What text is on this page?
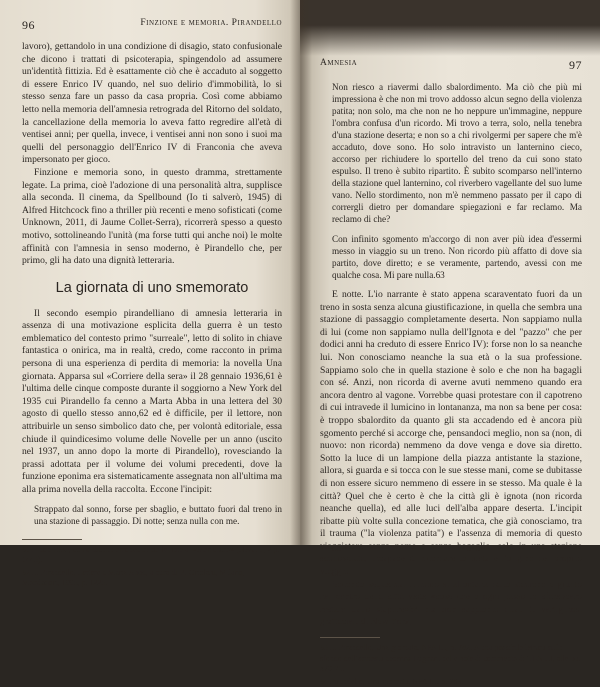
96	Finzione e memoria. Pirandello

lavoro), gettandolo in una condizione di disagio, stato confusionale che dicono i trattati di psicoterapia, spingendolo ad assumere un'identità fittizia. Ed è esattamente ciò che è accaduto al soggetto di essere Enrico IV quando, nel suo delirio d'immobilità, lo si stesso senza fare un passo da casa propria. Così come abbiamo letto nella memoria dell'amnesia retrograda del Ritorno del soldato, la cancellazione della memoria lo aveva fatto regredire all'età di ventisei anni; per quella, invece, i ventisei anni non sono i suoi ma quelli del personaggio dell'Enrico IV di Franconia che aveva impersonato per gioco.

Finzione e memoria sono, in questo dramma, strettamente legate. La prima, cioè l'adozione di una personalità altra, supplisce alla seconda. Il cinema, da Spellbound (Io ti salverò, 1945) di Alfred Hitchcock fino a thriller più recenti e meno sofisticati (come Unknown, 2011, di Jaume Collet-Serra), ricorrerà spesso a questo motivo, sottolineando l'unità (ma forse tutti qui anche noi) le molte affinità con l'amnesia in senso moderno, è Pirandello che, per primo, gli ha dato una dignità letteraria.

La giornata di uno smemorato

Il secondo esempio pirandelliano di amnesia letteraria in assenza di una motivazione esplicita della guerra è un testo emblematico del contesto primo "surreale", letto di solito in chiave fantastica o onirica, ma in realtà, credo, come racconto in prima persona di una esperienza di perdita di memoria: la novella Una giornata. Apparsa sul «Corriere della sera» il 28 gennaio 1936,61 è l'ultima delle cinque composte durante il soggiorno a New York del 1935 cui Pirandello fa cenno a Marta Abba in una lettera del 30 agosto di quello stesso anno,62 ed è difficile, per il lettore, non attribuirle un senso simbolico dato che, per volontà editoriale, essa chiude il quindicesimo volume delle Novelle per un anno (uscito nel 1937, un anno dopo la morte di Pirandello), rovesciando la prassi adottata per il volume dei volumi precedenti, dove la funzione eponima era sistematicamente assegnata non all'ultima ma alla prima novella della raccolta. Eccone l'incipit:

Strappato dal sonno, forse per sbaglio, e buttato fuori dal treno in una stazione di passaggio. Di notte; senza nulla con me.

61 E non 1935, come dicono erroneamente le note al «Meridiano» (NPA III, 2 p. 1443).

62 L. Pirandello, Lettere a Marta Abba, a cura di B. Ortolani, Milano, Mondadori, 1995, p. 1225.

Amnesia	97
Non riesco a riavermi dallo sbalordimento. Ma ciò che più mi impressiona è che non mi trovo addosso alcun segno della violenza patita; non solo, ma che non ne ho neppure un'immagine, neppure l'ombra confusa d'un ricordo. Mi trovo a terra, solo, nella tenebra d'una stazione deserta; e non so a chi rivolgermi per sapere che m'è accaduto, dove sono. Ho solo intravisto un lanternino cieco, accorso per richiudere lo sportello del treno da cui sono stato espulso. Il treno è subito ripartito. È subito scomparso nell'interno della stazione quel lanternino, col riverbero vagellante del suo lume vano. Nello stordimento, non m'è nemmeno passato per il capo di corrergli dietro per domandare spiegazioni e far reclamo. Ma reclamo di che?
Con infinito sgomento m'accorgo di non aver più idea d'essermi messo in viaggio su un treno. Non ricordo più affatto di dove sia partito, dove diretto; e se veramente, partendo, avessi con me qualche cosa. Mi pare nulla.63

E notte. L'io narrante è stato appena scaraventato fuori da un treno in sosta senza alcuna giustificazione, in quella che sembra una stazione di passaggio completamente deserta. Non sappiamo nulla di lui (come non sappiamo nulla dell'Ignota e del "pazzo" che per dodici anni ha creduto di essere Enrico IV): forse non lo sa neanche lui. Non conosciamo neanche la sua età o la sua professione. Sappiamo solo che in quella stazione è solo e che non ha bagagli con sé. Anzi, non ricorda di averne avuti nemmeno quando era ancora dentro al vagone. Vorrebbe quasi protestare con il capotreno di cui intravede il lumicino in lontananza, ma non sa bene per cosa: è troppo sbalordito da quanto gli sta accadendo ed è ancora più sgomento perché si accorge che, pensandoci meglio, non sa (non, di nuovo: non ricorda) nemmeno da dove venga e dove sia diretto. Sotto la luce di un lampione della piazza antistante la stazione, allora, si guarda e si tocca con le sue stesse mani, come se dubitasse di non essere sicuro nemmeno di essere in se stesso. Ma quale è la città? Quel che è certo è che la città gli è ignota (non ricorda neanche quella), ed alle luci dell'alba appare deserta. L'incipit ribatte più volte sulla concezione tematica, che già conosciamo, tra il trauma ("la violenza patita") e l'assenza di memoria di questo viaggiatore senza nome e senza bagaglio, solo in una stazione sconosciuta, incapace di ricordare la meta e l'origine del proprio viaggio.

Seconda sequenza. L'uomo si allontana dalla stazione e giunto nel centro della città vede «cose che a ogni passo lo sfarebbero restare dallo stupore»64 ma non sappiamo quali (i vertiginosi grattacieli di New York,

63 L. Pirandello, Una giornata, NPA III, p. 782. A una possibile lettura sullo sfondo dell'amnesia accenna Lugnani nelle note di commento di TLN III, alle pp. 870-71.

64 Pirandello, Una giornata, NPA III, p. 783.
